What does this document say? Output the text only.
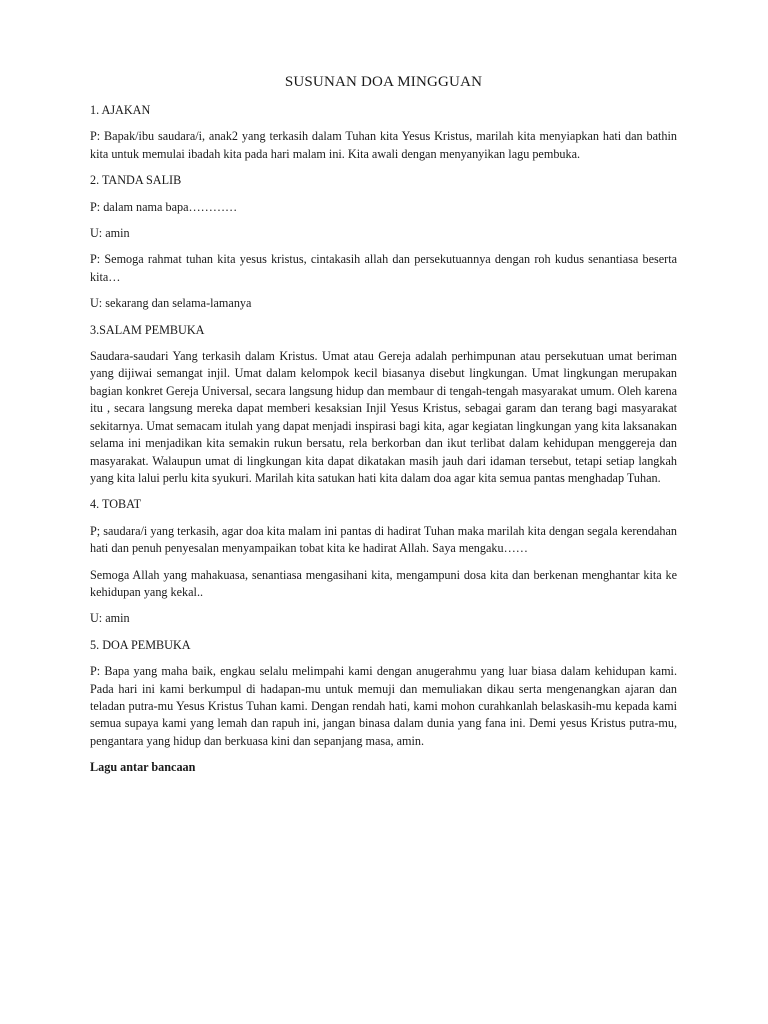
SUSUNAN DOA MINGGUAN

1. AJAKAN

P: Bapak/ibu saudara/i, anak2 yang terkasih dalam Tuhan kita Yesus Kristus, marilah kita menyiapkan hati dan bathin kita untuk memulai ibadah kita pada hari malam ini. Kita awali dengan menyanyikan lagu pembuka.

2. TANDA SALIB

P: dalam nama bapa…………

U: amin

P: Semoga rahmat tuhan kita yesus kristus, cintakasih allah dan persekutuannya dengan roh kudus senantiasa beserta kita…

U: sekarang dan selama-lamanya

3.SALAM PEMBUKA

Saudara-saudari Yang terkasih dalam Kristus. Umat atau Gereja adalah perhimpunan atau persekutuan umat beriman yang dijiwai semangat injil. Umat dalam kelompok kecil biasanya disebut lingkungan. Umat lingkungan merupakan bagian konkret Gereja Universal, secara langsung hidup dan membaur di tengah-tengah masyarakat umum. Oleh karena itu , secara langsung mereka dapat memberi kesaksian Injil Yesus Kristus, sebagai garam dan terang bagi masyarakat sekitarnya. Umat semacam itulah yang dapat menjadi inspirasi bagi kita, agar kegiatan lingkungan yang kita laksanakan selama ini menjadikan kita semakin rukun bersatu, rela berkorban dan ikut terlibat dalam kehidupan menggereja dan masyarakat. Walaupun umat di lingkungan kita dapat dikatakan masih jauh dari idaman tersebut, tetapi setiap langkah yang kita lalui perlu kita syukuri. Marilah kita satukan hati kita dalam doa agar kita semua pantas menghadap Tuhan.

4. TOBAT

P; saudara/i yang terkasih, agar doa kita malam ini pantas di hadirat Tuhan maka marilah kita dengan segala kerendahan hati dan penuh penyesalan menyampaikan tobat kita ke hadirat Allah. Saya mengaku……

Semoga Allah yang mahakuasa, senantiasa mengasihani kita, mengampuni dosa kita dan berkenan menghantar kita ke kehidupan yang kekal..

U: amin

5. DOA PEMBUKA

P: Bapa yang maha baik, engkau selalu melimpahi kami dengan anugerahmu yang luar biasa dalam kehidupan kami. Pada hari ini kami berkumpul di hadapan-mu untuk memuji dan memuliakan dikau serta mengenangkan ajaran dan teladan putra-mu Yesus Kristus Tuhan kami. Dengan rendah hati, kami mohon curahkanlah belaskasih-mu kepada kami semua supaya kami yang lemah dan rapuh ini, jangan binasa dalam dunia yang fana ini. Demi yesus Kristus putra-mu, pengantara yang hidup dan berkuasa kini dan sepanjang masa, amin.

Lagu antar bancaan
